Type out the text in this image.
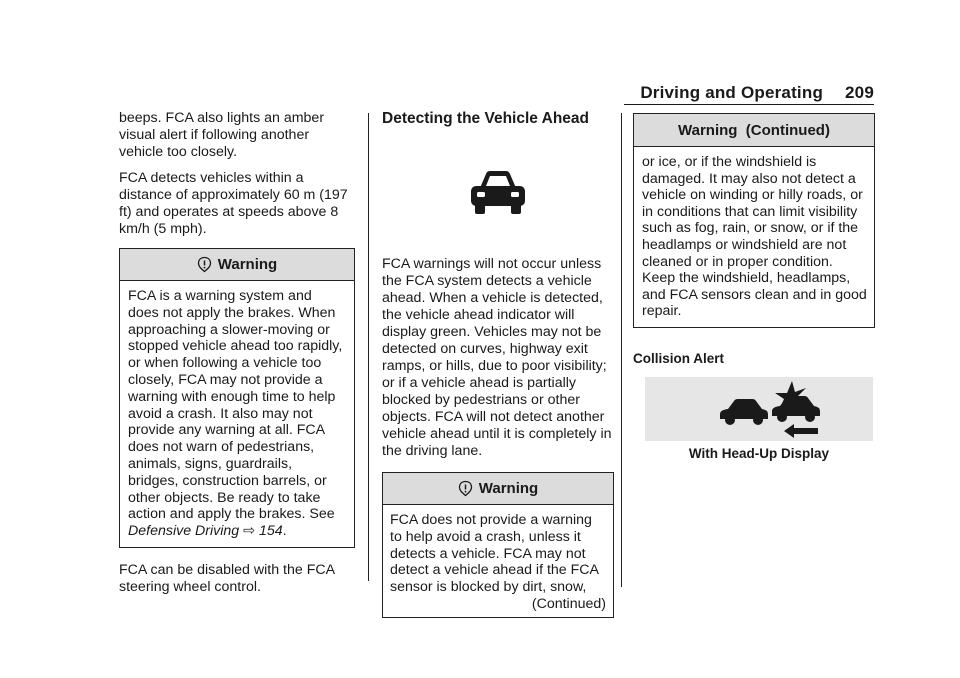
Driving and Operating 209

beeps. FCA also lights an amber visual alert if following another vehicle too closely.

FCA detects vehicles within a distance of approximately 60 m (197 ft) and operates at speeds above 8 km/h (5 mph).

Warning

FCA is a warning system and does not apply the brakes. When approaching a slower-moving or stopped vehicle ahead too rapidly, or when following a vehicle too closely, FCA may not provide a warning with enough time to help avoid a crash. It also may not provide any warning at all. FCA does not warn of pedestrians, animals, signs, guardrails, bridges, construction barrels, or other objects. Be ready to take action and apply the brakes. See
Defensive Driving ⇨ 154.

FCA can be disabled with the FCA steering wheel control.

Detecting the Vehicle Ahead

FCA warnings will not occur unless the FCA system detects a vehicle ahead. When a vehicle is detected, the vehicle ahead indicator will display green. Vehicles may not be detected on curves, highway exit ramps, or hills, due to poor visibility; or if a vehicle ahead is partially blocked by pedestrians or other objects. FCA will not detect another vehicle ahead until it is completely in the driving lane.

Warning

FCA does not provide a warning to help avoid a crash, unless it detects a vehicle. FCA may not detect a vehicle ahead if the FCA sensor is blocked by dirt, snow,

(Continued)

Warning  (Continued)

or ice, or if the windshield is damaged. It may also not detect a vehicle on winding or hilly roads, or in conditions that can limit visibility such as fog, rain, or snow, or if the headlamps or windshield are not cleaned or in proper condition. Keep the windshield, headlamps, and FCA sensors clean and in good repair.

Collision Alert

With Head-Up Display
